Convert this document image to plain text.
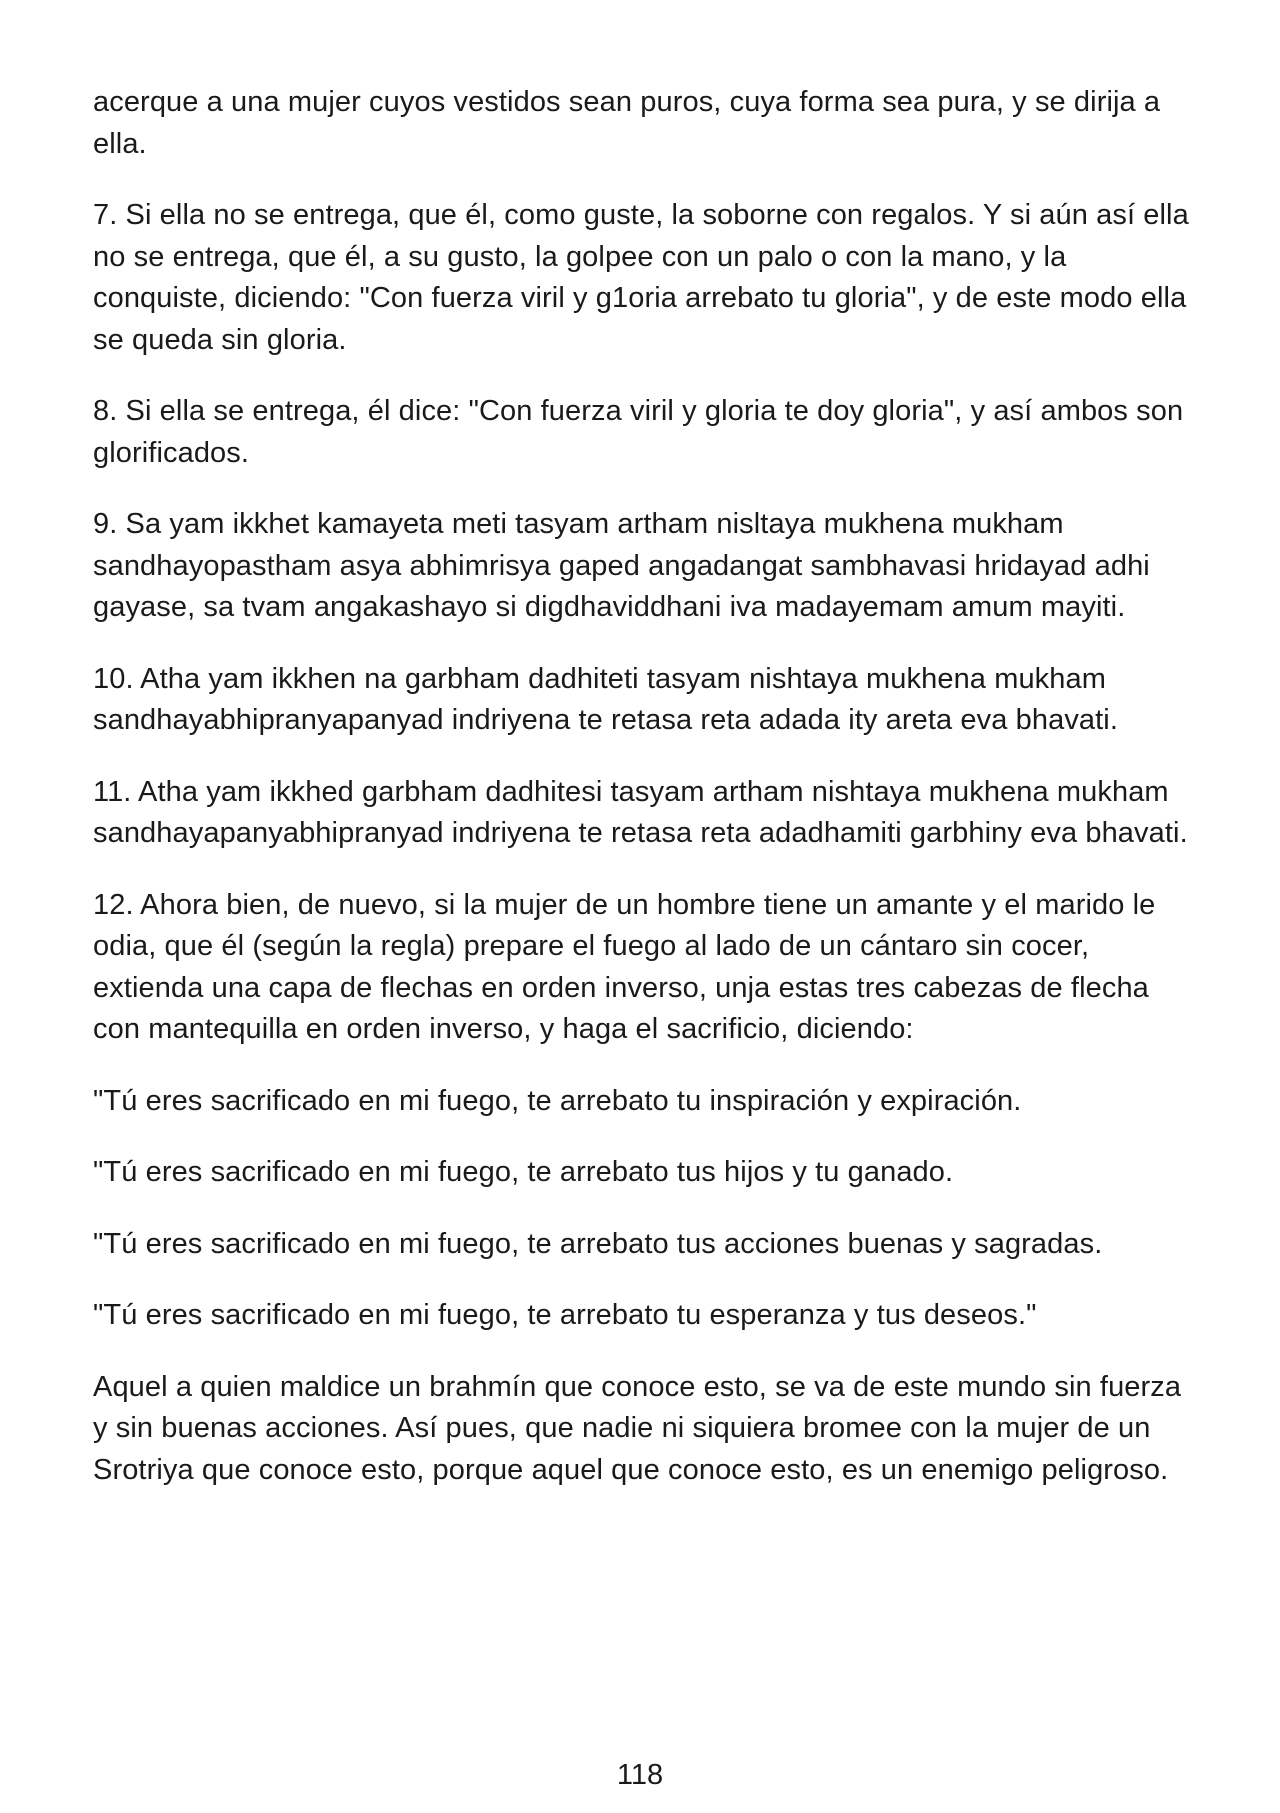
acerque a una mujer cuyos vestidos sean puros, cuya forma sea pura, y se dirija a ella.

7. Si ella no se entrega, que él, como guste, la soborne con regalos. Y si aún así ella no se entrega, que él, a su gusto, la golpee con un palo o con la mano, y la conquiste, diciendo: "Con fuerza viril y g1oria arrebato tu gloria", y de este modo ella se queda sin gloria.

8. Si ella se entrega, él dice: "Con fuerza viril y gloria te doy gloria", y así ambos son glorificados.

9. Sa yam ikkhet kamayeta meti tasyam artham nisltaya mukhena mukham sandhayopastham asya abhimrisya gaped angadangat sambhavasi hridayad adhi gayase, sa tvam angakashayo si digdhaviddhani iva madayemam amum mayiti.

10. Atha yam ikkhen na garbham dadhiteti tasyam nishtaya mukhena mukham sandhayabhipranyapanyad indriyena te retasa reta adada ity areta eva bhavati.

11. Atha yam ikkhed garbham dadhitesi tasyam artham nishtaya mukhena mukham sandhayapanyabhipranyad indriyena te retasa reta adadhamiti garbhiny eva bhavati.

12. Ahora bien, de nuevo, si la mujer de un hombre tiene un amante y el marido le odia, que él (según la regla) prepare el fuego al lado de un cántaro sin cocer, extienda una capa de flechas en orden inverso, unja estas tres cabezas de flecha con mantequilla en orden inverso, y haga el sacrificio, diciendo:

"Tú eres sacrificado en mi fuego, te arrebato tu inspiración y expiración.

"Tú eres sacrificado en mi fuego, te arrebato tus hijos y tu ganado.

"Tú eres sacrificado en mi fuego, te arrebato tus acciones buenas y sagradas.

"Tú eres sacrificado en mi fuego, te arrebato tu esperanza y tus deseos."

Aquel a quien maldice un brahmín que conoce esto, se va de este mundo sin fuerza y sin buenas acciones. Así pues, que nadie ni siquiera bromee con la mujer de un Srotriya que conoce esto, porque aquel que conoce esto, es un enemigo peligroso.

118
